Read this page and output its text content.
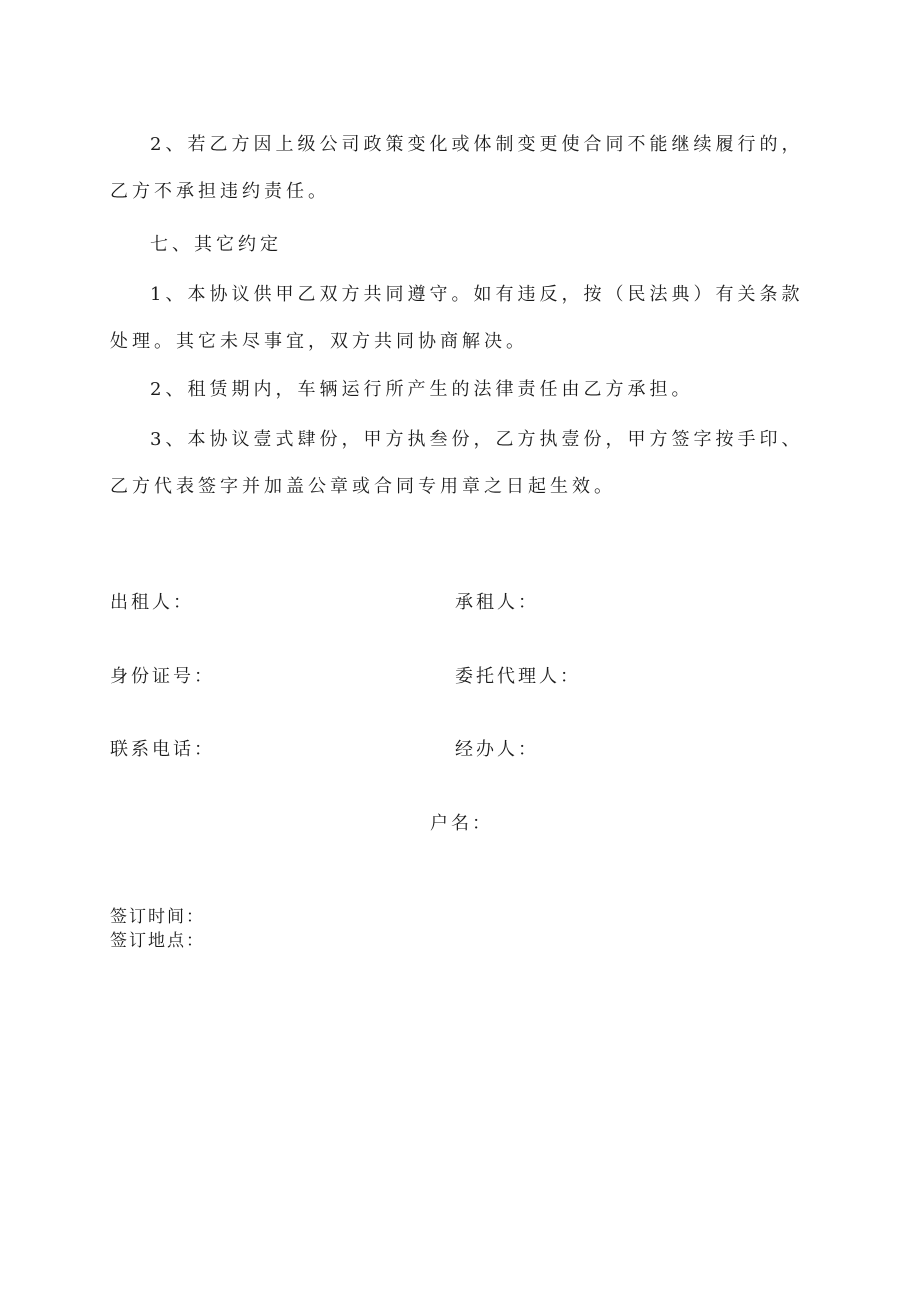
2、若乙方因上级公司政策变化或体制变更使合同不能继续履行的，乙方不承担违约责任。

七、其它约定

1、本协议供甲乙双方共同遵守。如有违反，按（民法典）有关条款处理。其它未尽事宜，双方共同协商解决。

2、租赁期内，车辆运行所产生的法律责任由乙方承担。

3、本协议壹式肆份，甲方执叁份，乙方执壹份，甲方签字按手印、乙方代表签字并加盖公章或合同专用章之日起生效。

出租人：	承租人：
身份证号：	委托代理人：
联系电话：	经办人：
户名：
签订时间：
签订地点：
